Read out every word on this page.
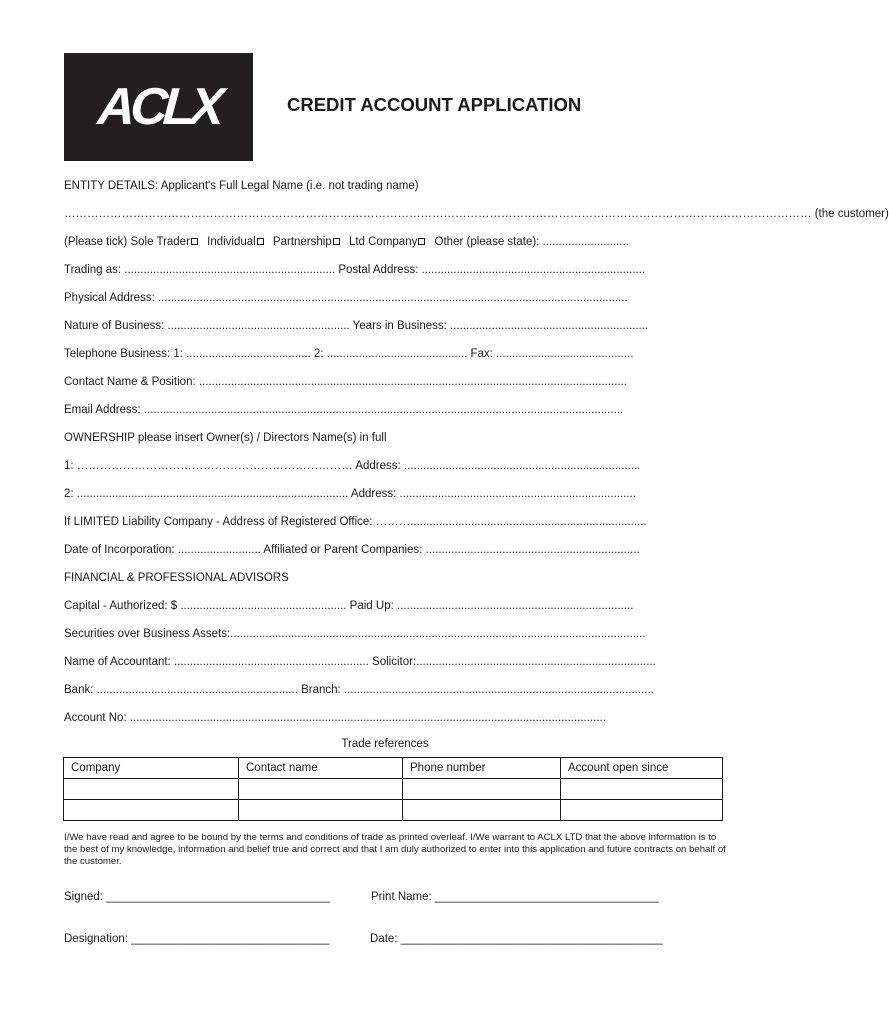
ACLX	CREDIT ACCOUNT APPLICATION
ENTITY DETAILS: Applicant's Full Legal Name (i.e. not trading name)
…………………………………………………………………………………………………………………………………………………………………………… (the customer)
(Please tick) Sole Trader Individual Partnership Ltd Company Other (please state): ...........................
Trading as: .................................................................. Postal Address: ......................................................................
Physical Address: ...................................................................................................................................................
Nature of Business: ......................................................... Years in Business: ..............................................................
Telephone Business: 1: ....................................... 2: ............................................ Fax: ...........................................
Contact Name & Position: ......................................................................................................................................
Email Address: ......................................................................................................................................................
OWNERSHIP please insert Owner(s) / Directors Name(s) in full
1: ……………………………………………………………… Address: ..........................................................................
2: ..................................................................................... Address: ..........................................................................
If LIMITED Liability Company - Address of Registered Office: ………..........................................................................
Date of Incorporation: .......................... Affiliated or Parent Companies: ...................................................................
FINANCIAL & PROFESSIONAL ADVISORS
Capital - Authorized: $ .................................................... Paid Up: ..........................................................................
Securities over Business Assets:..................................................................................................................................
Name of Accountant: ............................................................. Solicitor:...........................................................................
Bank: ............................................................... Branch: .................................................................................................
Account No: .....................................................................................................................................................
Trade references
Company	Contact name	Phone number	Account open since

I/We have read and agree to be bound by the terms and conditions of trade as printed overleaf. I/We warrant to ACLX LTD that the above information is to the best of my knowledge, information and belief true and correct and that I am duly authorized to enter into this application and future contracts on behalf of the customer.
Signed: ___________________________________	Print Name: ___________________________________
Designation: _______________________________	Date: _________________________________________
